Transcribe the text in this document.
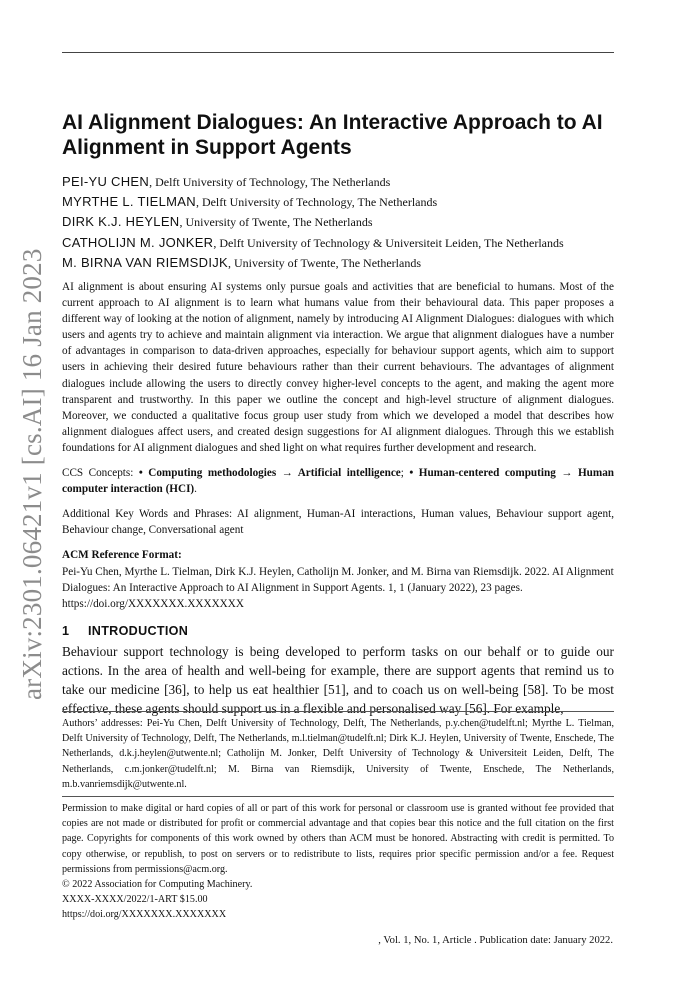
arXiv:2301.06421v1 [cs.AI] 16 Jan 2023
AI Alignment Dialogues: An Interactive Approach to AI Alignment in Support Agents
PEI-YU CHEN, Delft University of Technology, The Netherlands
MYRTHE L. TIELMAN, Delft University of Technology, The Netherlands
DIRK K.J. HEYLEN, University of Twente, The Netherlands
CATHOLIJN M. JONKER, Delft University of Technology & Universiteit Leiden, The Netherlands
M. BIRNA VAN RIEMSDIJK, University of Twente, The Netherlands

AI alignment is about ensuring AI systems only pursue goals and activities that are beneficial to humans. Most of the current approach to AI alignment is to learn what humans value from their behavioural data. This paper proposes a different way of looking at the notion of alignment, namely by introducing AI Alignment Dialogues: dialogues with which users and agents try to achieve and maintain alignment via interaction. We argue that alignment dialogues have a number of advantages in comparison to data-driven approaches, especially for behaviour support agents, which aim to support users in achieving their desired future behaviours rather than their current behaviours. The advantages of alignment dialogues include allowing the users to directly convey higher-level concepts to the agent, and making the agent more transparent and trustworthy. In this paper we outline the concept and high-level structure of alignment dialogues. Moreover, we conducted a qualitative focus group user study from which we developed a model that describes how alignment dialogues affect users, and created design suggestions for AI alignment dialogues. Through this we establish foundations for AI alignment dialogues and shed light on what requires further development and research.

CCS Concepts: • Computing methodologies → Artificial intelligence; • Human-centered computing → Human computer interaction (HCI).

Additional Key Words and Phrases: AI alignment, Human-AI interactions, Human values, Behaviour support agent, Behaviour change, Conversational agent

ACM Reference Format:

Pei-Yu Chen, Myrthe L. Tielman, Dirk K.J. Heylen, Catholijn M. Jonker, and M. Birna van Riemsdijk. 2022. AI Alignment Dialogues: An Interactive Approach to AI Alignment in Support Agents. 1, 1 (January 2022), 23 pages. https://doi.org/XXXXXXX.XXXXXXX

1 INTRODUCTION

Behaviour support technology is being developed to perform tasks on our behalf or to guide our actions. In the area of health and well-being for example, there are support agents that remind us to take our medicine [36], to help us eat healthier [51], and to coach us on well-being [58]. To be most effective, these agents should support us in a flexible and personalised way [56]. For example,

Authors’ addresses: Pei-Yu Chen, Delft University of Technology, Delft, The Netherlands, p.y.chen@tudelft.nl; Myrthe L. Tielman, Delft University of Technology, Delft, The Netherlands, m.l.tielman@tudelft.nl; Dirk K.J. Heylen, University of Twente, Enschede, The Netherlands, d.k.j.heylen@utwente.nl; Catholijn M. Jonker, Delft University of Technology & Universiteit Leiden, Delft, The Netherlands, c.m.jonker@tudelft.nl; M. Birna van Riemsdijk, University of Twente, Enschede, The Netherlands, m.b.vanriemsdijk@utwente.nl.

Permission to make digital or hard copies of all or part of this work for personal or classroom use is granted without fee provided that copies are not made or distributed for profit or commercial advantage and that copies bear this notice and the full citation on the first page. Copyrights for components of this work owned by others than ACM must be honored. Abstracting with credit is permitted. To copy otherwise, or republish, to post on servers or to redistribute to lists, requires prior specific permission and/or a fee. Request permissions from permissions@acm.org.

© 2022 Association for Computing Machinery.

XXXX-XXXX/2022/1-ART $15.00

https://doi.org/XXXXXXX.XXXXXXX

, Vol. 1, No. 1, Article . Publication date: January 2022.
